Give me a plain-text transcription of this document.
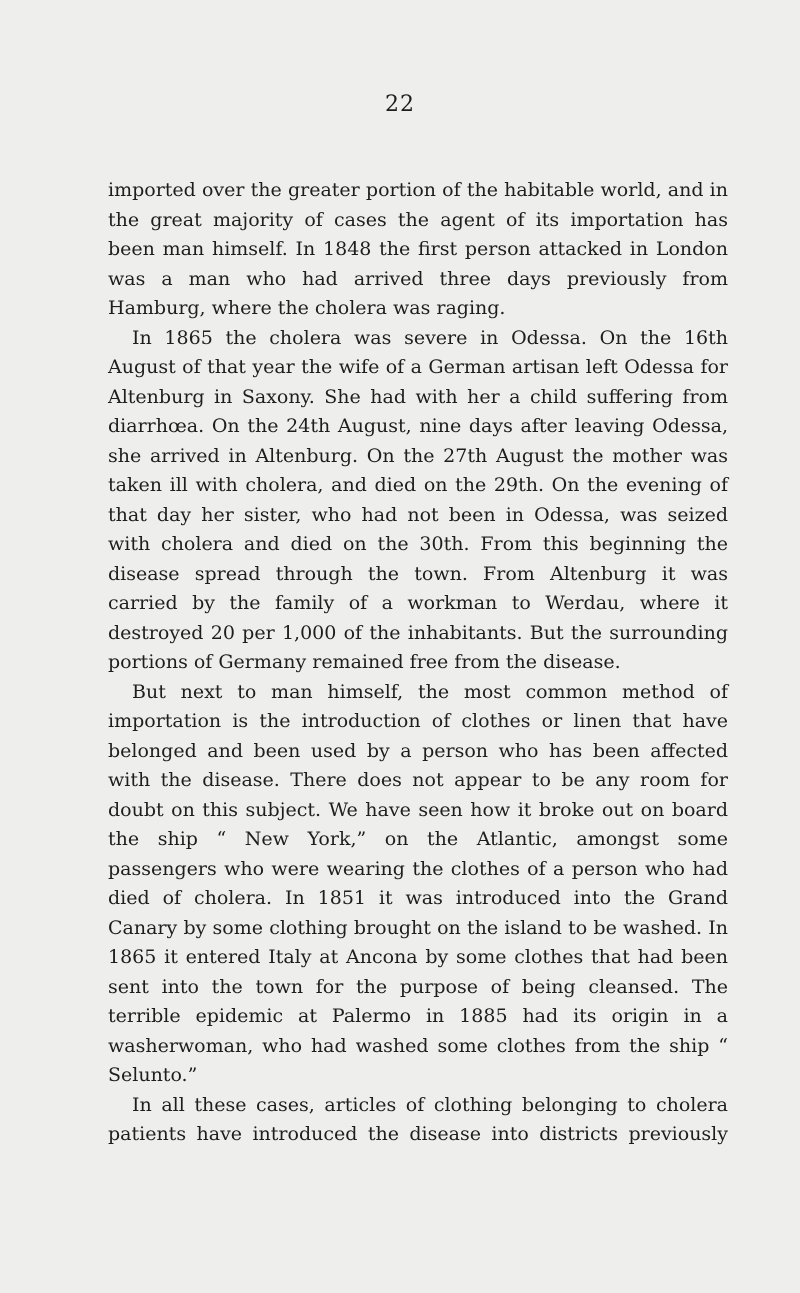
22

imported over the greater portion of the habitable world, and in the great majority of cases the agent of its importation has been man himself. In 1848 the first person attacked in London was a man who had arrived three days previously from Hamburg, where the cholera was raging.

In 1865 the cholera was severe in Odessa. On the 16th August of that year the wife of a German artisan left Odessa for Altenburg in Saxony. She had with her a child suffering from diarrhœa. On the 24th August, nine days after leaving Odessa, she arrived in Altenburg. On the 27th August the mother was taken ill with cholera, and died on the 29th. On the evening of that day her sister, who had not been in Odessa, was seized with cholera and died on the 30th. From this beginning the disease spread through the town. From Altenburg it was carried by the family of a workman to Werdau, where it destroyed 20 per 1,000 of the inhabitants. But the surrounding portions of Germany remained free from the disease.

But next to man himself, the most common method of importation is the introduction of clothes or linen that have belonged and been used by a person who has been affected with the disease. There does not appear to be any room for doubt on this subject. We have seen how it broke out on board the ship “ New York,” on the Atlantic, amongst some passengers who were wearing the clothes of a person who had died of cholera. In 1851 it was introduced into the Grand Canary by some clothing brought on the island to be washed. In 1865 it entered Italy at Ancona by some clothes that had been sent into the town for the purpose of being cleansed. The terrible epidemic at Palermo in 1885 had its origin in a washerwoman, who had washed some clothes from the ship “ Selunto.”

In all these cases, articles of clothing belonging to cholera patients have introduced the disease into districts previously
